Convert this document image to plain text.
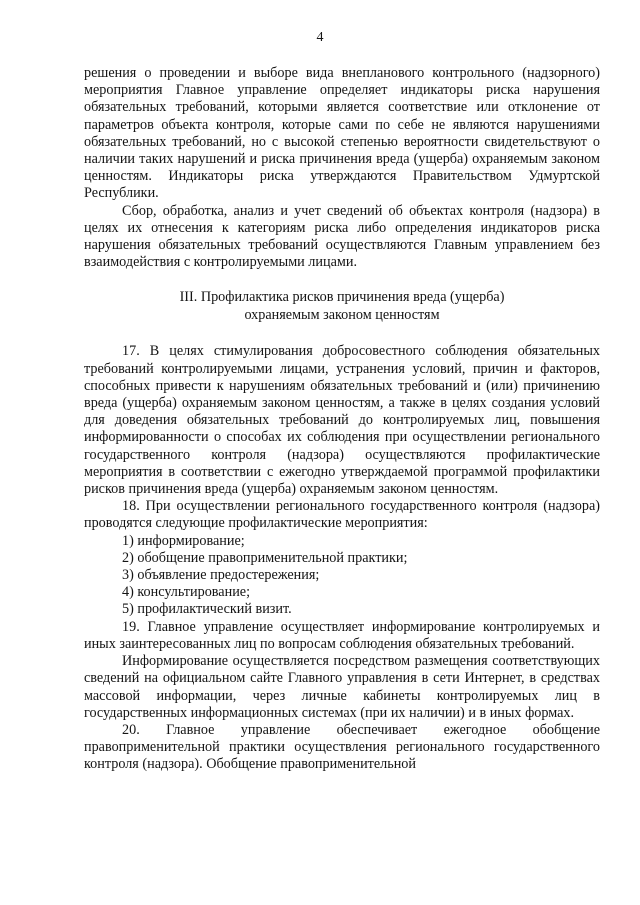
4

решения о проведении и выборе вида внепланового контрольного (надзорного) мероприятия Главное управление определяет индикаторы риска нарушения обязательных требований, которыми является соответствие или отклонение от параметров объекта контроля, которые сами по себе не являются нарушениями обязательных требований, но с высокой степенью вероятности свидетельствуют о наличии таких нарушений и риска причинения вреда (ущерба) охраняемым законом ценностям. Индикаторы риска утверждаются Правительством Удмуртской Республики.

Сбор, обработка, анализ и учет сведений об объектах контроля (надзора) в целях их отнесения к категориям риска либо определения индикаторов риска нарушения обязательных требований осуществляются Главным управлением без взаимодействия с контролируемыми лицами.

III. Профилактика рисков причинения вреда (ущерба)
охраняемым законом ценностям

17. В целях стимулирования добросовестного соблюдения обязательных требований контролируемыми лицами, устранения условий, причин и факторов, способных привести к нарушениям обязательных требований и (или) причинению вреда (ущерба) охраняемым законом ценностям, а также в целях создания условий для доведения обязательных требований до контролируемых лиц, повышения информированности о способах их соблюдения при осуществлении регионального государственного контроля (надзора) осуществляются профилактические мероприятия в соответствии с ежегодно утверждаемой программой профилактики рисков причинения вреда (ущерба) охраняемым законом ценностям.

18. При осуществлении регионального государственного контроля (надзора) проводятся следующие профилактические мероприятия:

1) информирование;

2) обобщение правоприменительной практики;

3) объявление предостережения;

4) консультирование;

5) профилактический визит.

19. Главное управление осуществляет информирование контролируемых и иных заинтересованных лиц по вопросам соблюдения обязательных требований.

Информирование осуществляется посредством размещения соответствующих сведений на официальном сайте Главного управления в сети Интернет, в средствах массовой информации, через личные кабинеты контролируемых лиц в государственных информационных системах (при их наличии) и в иных формах.

20. Главное управление обеспечивает ежегодное обобщение правоприменительной практики осуществления регионального государственного контроля (надзора). Обобщение правоприменительной
